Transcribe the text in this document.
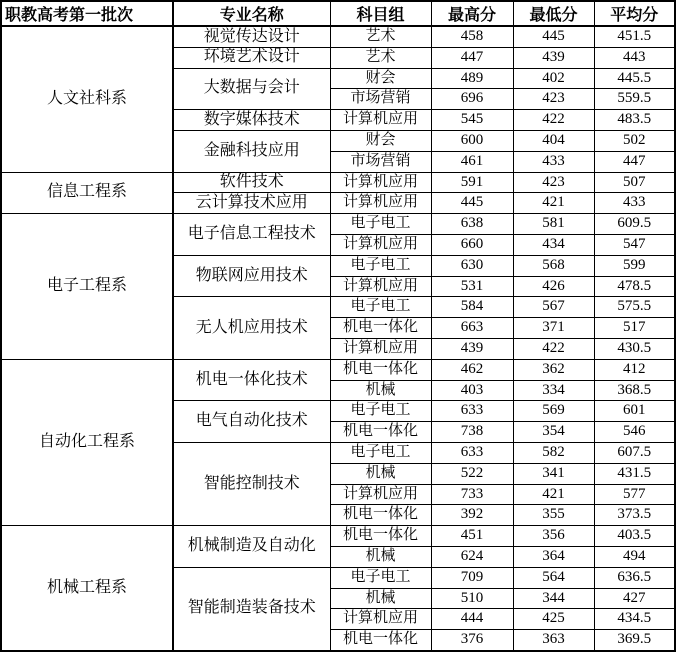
职教高考第一批次	专业名称	科目组	最高分	最低分	平均分
人文社科系	视觉传达设计	艺术	458	445	451.5
	环境艺术设计	艺术	447	439	443
	大数据与会计	财会	489	402	445.5
		市场营销	696	423	559.5
	数字媒体技术	计算机应用	545	422	483.5
	金融科技应用	财会	600	404	502
		市场营销	461	433	447
信息工程系	软件技术	计算机应用	591	423	507
	云计算技术应用	计算机应用	445	421	433
电子工程系	电子信息工程技术	电子电工	638	581	609.5
		计算机应用	660	434	547
	物联网应用技术	电子电工	630	568	599
		计算机应用	531	426	478.5
	无人机应用技术	电子电工	584	567	575.5
		机电一体化	663	371	517
		计算机应用	439	422	430.5
自动化工程系	机电一体化技术	机电一体化	462	362	412
		机械	403	334	368.5
	电气自动化技术	电子电工	633	569	601
		机电一体化	738	354	546
	智能控制技术	电子电工	633	582	607.5
		机械	522	341	431.5
		计算机应用	733	421	577
		机电一体化	392	355	373.5
机械工程系	机械制造及自动化	机电一体化	451	356	403.5
		机械	624	364	494
	智能制造装备技术	电子电工	709	564	636.5
		机械	510	344	427
		计算机应用	444	425	434.5
		机电一体化	376	363	369.5
